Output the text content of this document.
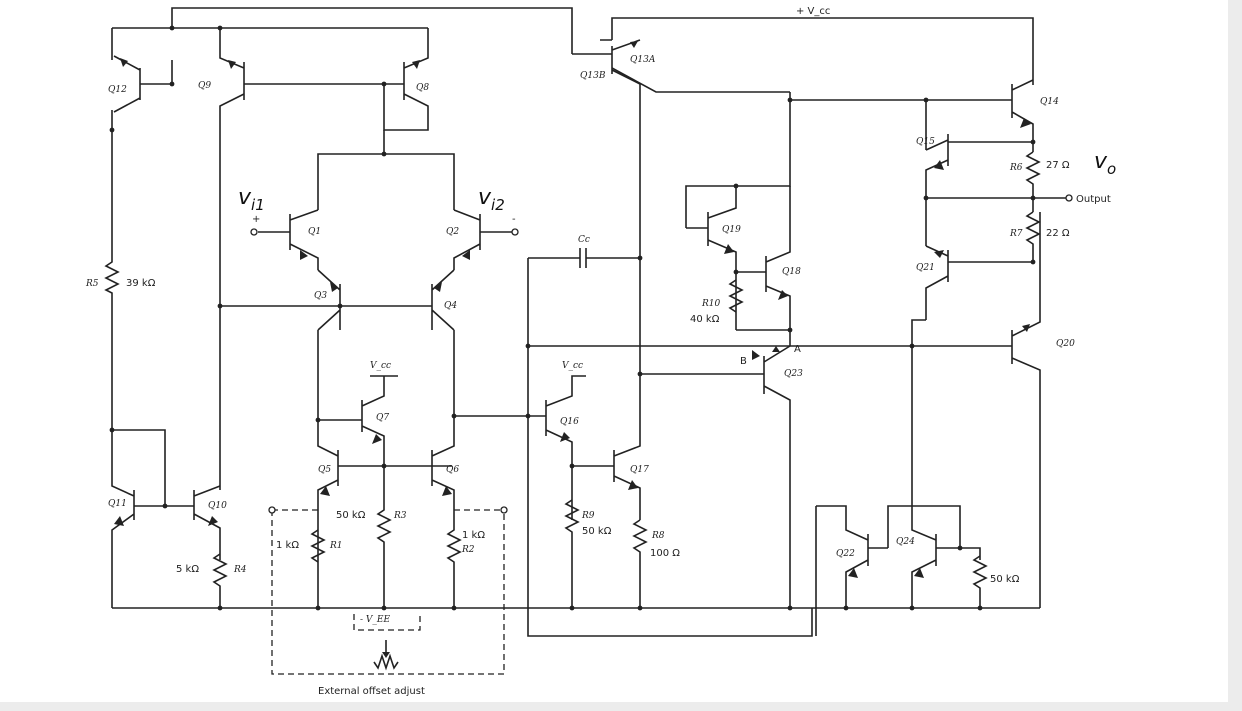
+ V_cc
Q12	Q9	Q8
Q13B
Q13A
Q14
Q15
R6 27 Ω
Output
R7 22 Ω
Q21
Q20
Q1	Q2
Q3
Q4
+	-
$v_{i1}$	$v_{i2}$
$v_o$
Cc
Q19
Q18
R10
40 kΩ
B
A
Q23
R5	39 kΩ
V_cc
Q7
Q5	Q6
Q11	Q10
50 kΩ	R3
1 kΩ	R1
1 kΩ
R2
5 kΩ	R4
V_cc
Q16
Q17
R9
50 kΩ	R8
100 Ω
Q24
Q22
50 kΩ
- V_EE
External offset adjust
